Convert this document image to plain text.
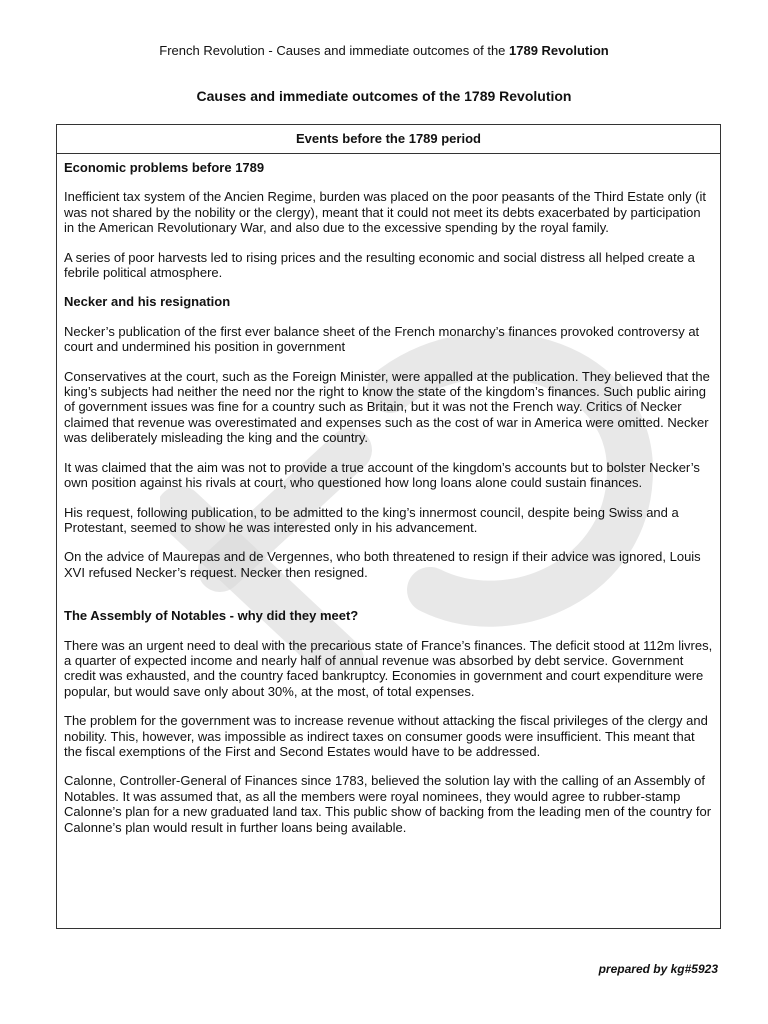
French Revolution - Causes and immediate outcomes of the 1789 Revolution
Causes and immediate outcomes of the 1789 Revolution
Events before the 1789 period
Economic problems before 1789

Inefficient tax system of the Ancien Regime, burden was placed on the poor peasants of the Third Estate only (it was not shared by the nobility or the clergy), meant that it could not meet its debts exacerbated by participation in the American Revolutionary War, and also due to the excessive spending by the royal family.

A series of poor harvests led to rising prices and the resulting economic and social distress all helped create a febrile political atmosphere.

Necker and his resignation

Necker’s publication of the first ever balance sheet of the French monarchy’s finances provoked controversy at court and undermined his position in government

Conservatives at the court, such as the Foreign Minister, were appalled at the publication. They believed that the king’s subjects had neither the need nor the right to know the state of the kingdom’s finances. Such public airing of government issues was fine for a country such as Britain, but it was not the French way. Critics of Necker claimed that revenue was overestimated and expenses such as the cost of war in America were omitted. Necker was deliberately misleading the king and the country.

It was claimed that the aim was not to provide a true account of the kingdom’s accounts but to bolster Necker’s own position against his rivals at court, who questioned how long loans alone could sustain finances.

His request, following publication, to be admitted to the king’s innermost council, despite being Swiss and a Protestant, seemed to show he was interested only in his advancement.

On the advice of Maurepas and de Vergennes, who both threatened to resign if their advice was ignored, Louis XVI refused Necker’s request. Necker then resigned.

The Assembly of Notables - why did they meet?

There was an urgent need to deal with the precarious state of France’s finances. The deficit stood at 112m livres, a quarter of expected income and nearly half of annual revenue was absorbed by debt service. Government credit was exhausted, and the country faced bankruptcy. Economies in government and court expenditure were popular, but would save only about 30%, at the most, of total expenses.

The problem for the government was to increase revenue without attacking the fiscal privileges of the clergy and nobility. This, however, was impossible as indirect taxes on consumer goods were insufficient. This meant that the fiscal exemptions of the First and Second Estates would have to be addressed.

Calonne, Controller-General of Finances since 1783, believed the solution lay with the calling of an Assembly of Notables. It was assumed that, as all the members were royal nominees, they would agree to rubber-stamp Calonne’s plan for a new graduated land tax. This public show of backing from the leading men of the country for Calonne’s plan would result in further loans being available.

prepared by kg#5923
